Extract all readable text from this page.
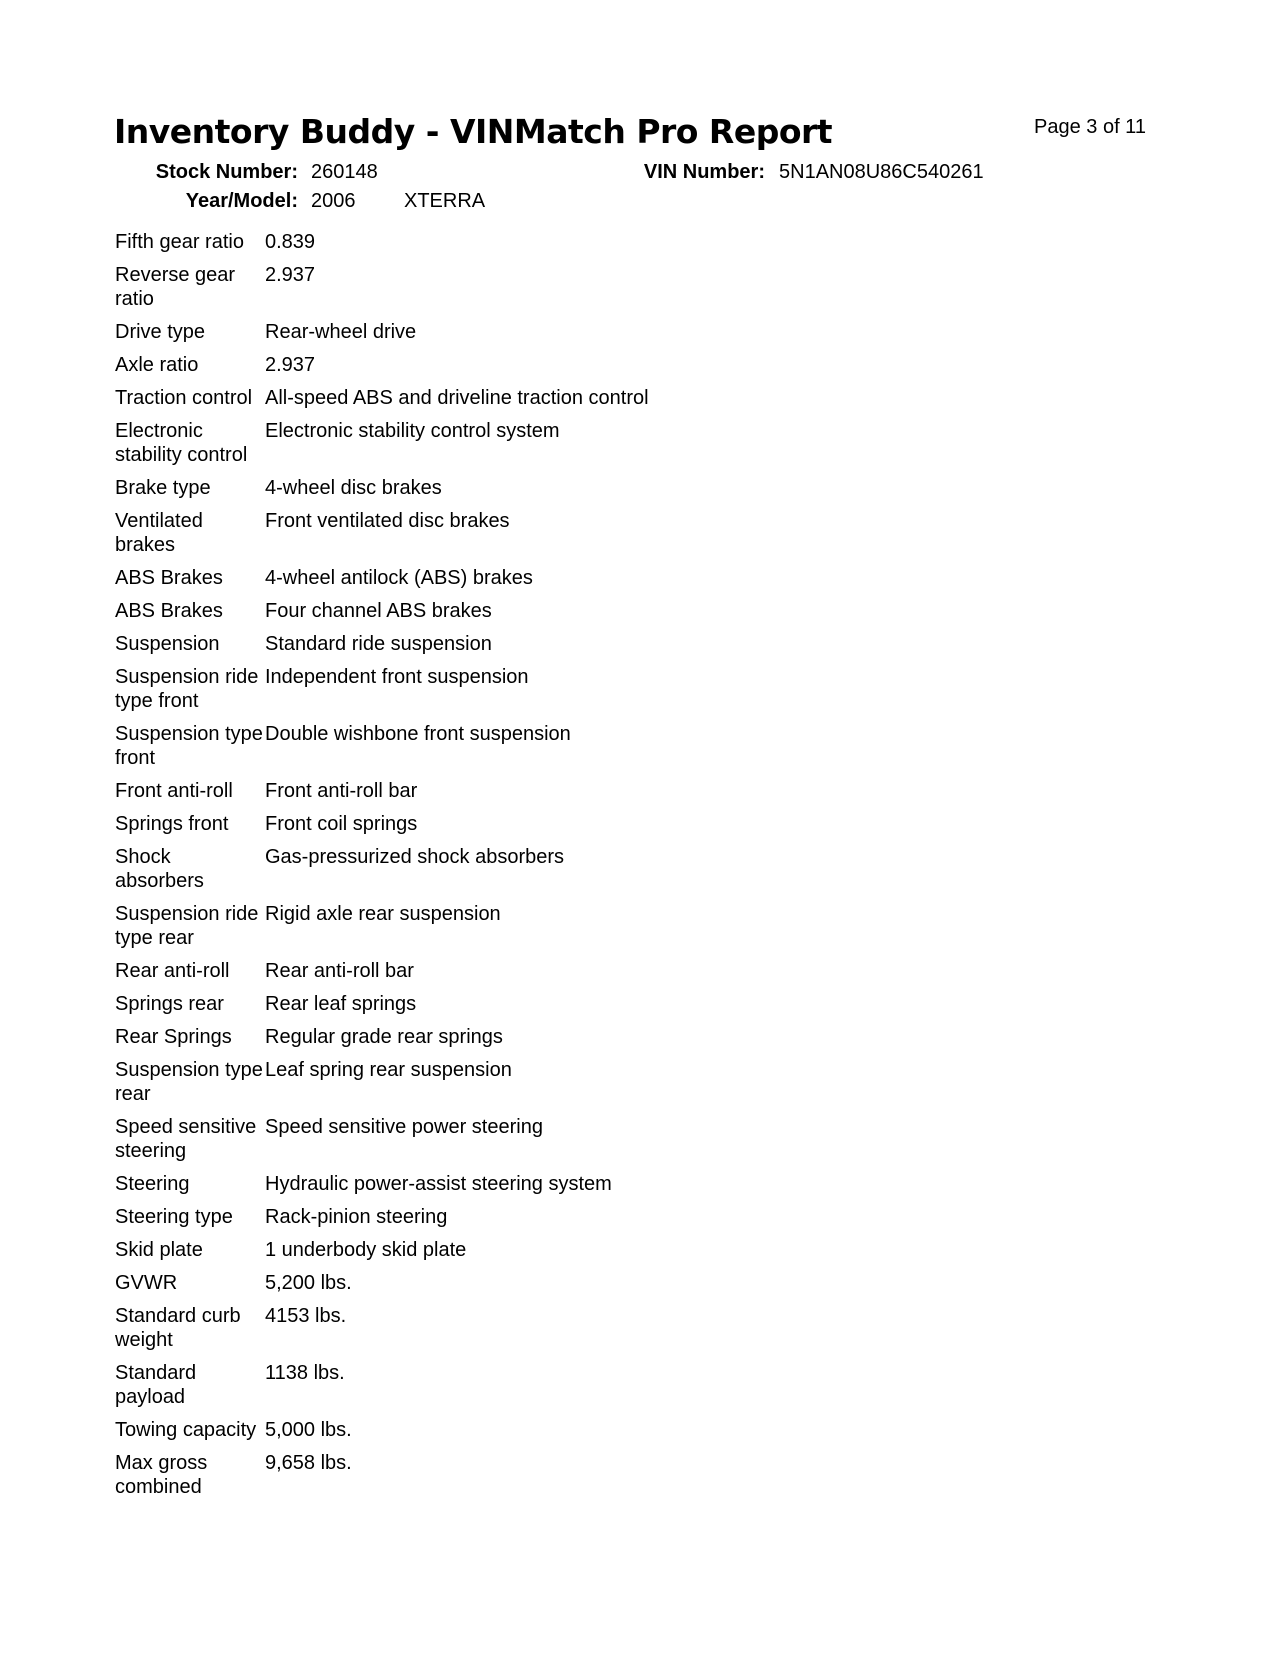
Inventory Buddy - VINMatch Pro Report	Page 3 of 11
Stock Number: 260148	VIN Number: 5N1AN08U86C540261
Year/Model: 2006 XTERRA
Fifth gear ratio	0.839
Reverse gear ratio	2.937
Drive type	Rear-wheel drive
Axle ratio	2.937
Traction control	All-speed ABS and driveline traction control
Electronic stability control	Electronic stability control system
Brake type	4-wheel disc brakes
Ventilated brakes	Front ventilated disc brakes
ABS Brakes	4-wheel antilock (ABS) brakes
ABS Brakes	Four channel ABS brakes
Suspension	Standard ride suspension
Suspension ride type front	Independent front suspension
Suspension type front	Double wishbone front suspension
Front anti-roll	Front anti-roll bar
Springs front	Front coil springs
Shock absorbers	Gas-pressurized shock absorbers
Suspension ride type rear	Rigid axle rear suspension
Rear anti-roll	Rear anti-roll bar
Springs rear	Rear leaf springs
Rear Springs	Regular grade rear springs
Suspension type rear	Leaf spring rear suspension
Speed sensitive steering	Speed sensitive power steering
Steering	Hydraulic power-assist steering system
Steering type	Rack-pinion steering
Skid plate	1 underbody skid plate
GVWR	5,200 lbs.
Standard curb weight	4153 lbs.
Standard payload	1138 lbs.
Towing capacity	5,000 lbs.
Max gross combined	9,658 lbs.
